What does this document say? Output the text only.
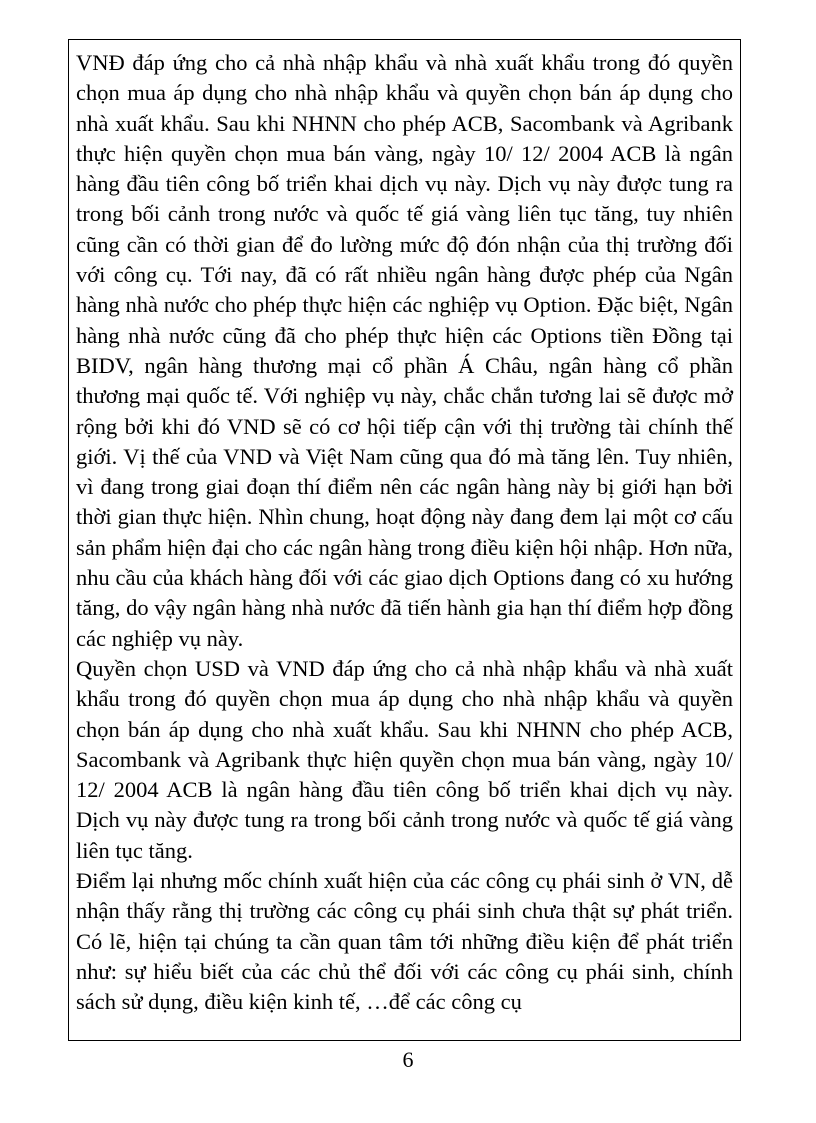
VNĐ đáp ứng cho cả nhà nhập khẩu và nhà xuất khẩu trong đó quyền chọn mua áp dụng cho nhà nhập khẩu và quyền chọn bán áp dụng cho nhà xuất khẩu. Sau khi NHNN cho phép ACB, Sacombank và Agribank thực hiện quyền chọn mua bán vàng, ngày 10/ 12/ 2004 ACB là ngân hàng đầu tiên công bố triển khai dịch vụ này. Dịch vụ này được tung ra trong bối cảnh trong nước và quốc tế giá vàng liên tục tăng, tuy nhiên cũng cần có thời gian để đo lường mức độ đón nhận của thị trường đối với công cụ. Tới nay, đã có rất nhiều ngân hàng được phép của Ngân hàng nhà nước cho phép thực hiện các nghiệp vụ Option. Đặc biệt, Ngân hàng nhà nước cũng đã cho phép thực hiện các Options tiền Đồng tại BIDV, ngân hàng thương mại cổ phần Á Châu, ngân hàng cổ phần thương mại quốc tế. Với nghiệp vụ này, chắc chắn tương lai sẽ được mở rộng bởi khi đó VND sẽ có cơ hội tiếp cận với thị trường tài chính thế giới. Vị thế của VND và Việt Nam cũng qua đó mà tăng lên. Tuy nhiên, vì đang trong giai đoạn thí điểm nên các ngân hàng này bị giới hạn bởi thời gian thực hiện. Nhìn chung, hoạt động này đang đem lại một cơ cấu sản phẩm hiện đại cho các ngân hàng trong điều kiện hội nhập. Hơn nữa, nhu cầu của khách hàng đối với các giao dịch Options đang có xu hướng tăng, do vậy ngân hàng nhà nước đã tiến hành gia hạn thí điểm hợp đồng các nghiệp vụ này.

Quyền chọn USD và VND đáp ứng cho cả nhà nhập khẩu và nhà xuất khẩu trong đó quyền chọn mua áp dụng cho nhà nhập khẩu và quyền chọn bán áp dụng cho nhà xuất khẩu. Sau khi NHNN cho phép ACB, Sacombank và Agribank thực hiện quyền chọn mua bán vàng, ngày 10/ 12/ 2004 ACB là ngân hàng đầu tiên công bố triển khai dịch vụ này. Dịch vụ này được tung ra trong bối cảnh trong nước và quốc tế giá vàng liên tục tăng.

Điểm lại nhưng mốc chính xuất hiện của các công cụ phái sinh ở VN, dễ nhận thấy rằng thị trường các công cụ phái sinh chưa thật sự phát triển. Có lẽ, hiện tại chúng ta cần quan tâm tới những điều kiện để phát triển như: sự hiểu biết của các chủ thể đối với các công cụ phái sinh, chính sách sử dụng, điều kiện kinh tế, …để các công cụ

6
